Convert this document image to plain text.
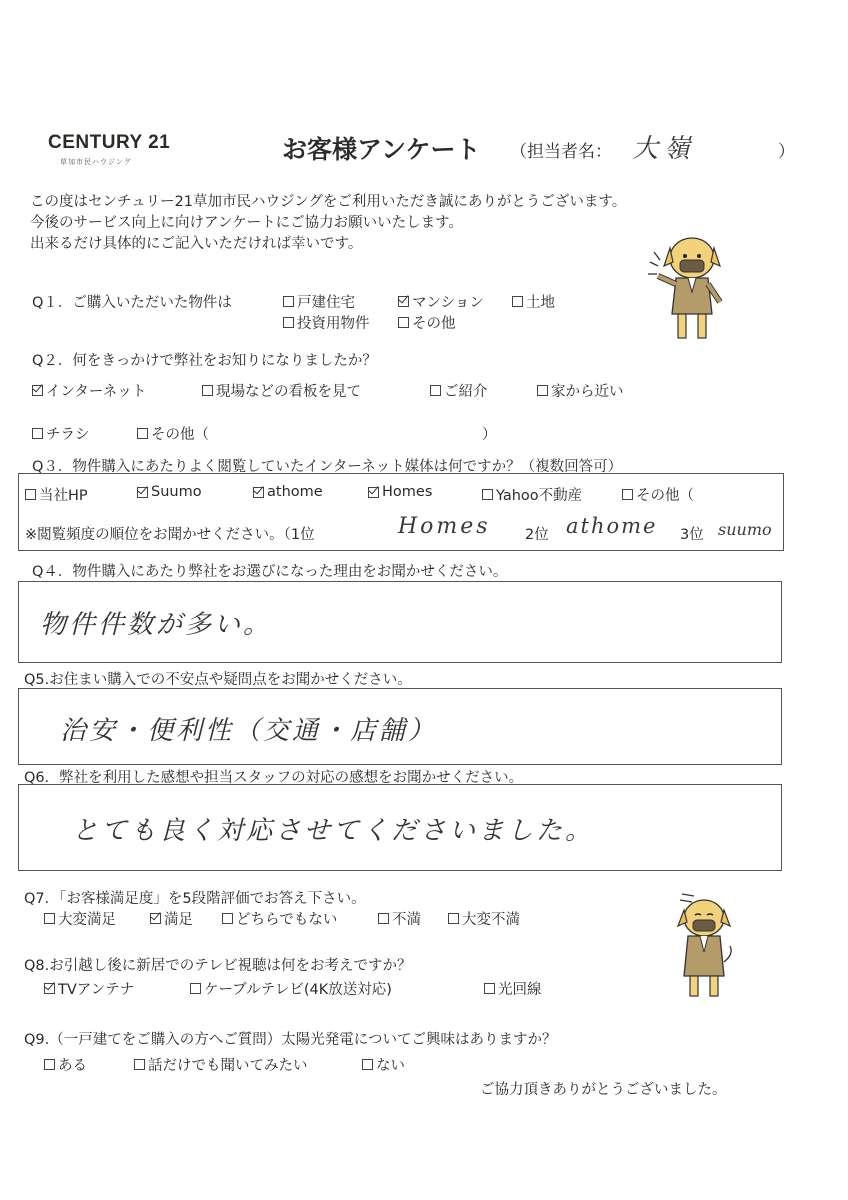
CENTURY 21
草加市民ハウジング	お客様アンケート （担当者名： 大嶺	）
この度はセンチュリー21草加市民ハウジングをご利用いただき誠にありがとうございます。
今後のサービス向上に向けアンケートにご協力お願いいたします。
出来るだけ具体的にご記入いただければ幸いです。
Q１．ご購入いただいた物件は	戸建住宅	マンション	土地
投資用物件	その他
Q２．何をきっかけで弊社をお知りになりましたか？
インターネット	現場などの看板を見て	ご紹介	家から近い
チラシ	その他（	）
Q３．物件購入にあたりよく閲覧していたインターネット媒体は何ですか？（複数回答可）
当社HP	Suumo	athome	Homes	Yahoo不動産	その他（
※閲覧頻度の順位をお聞かせください。（1位	Homes 2位 athome 3位 suumo
Q４．物件購入にあたり弊社をお選びになった理由をお聞かせください。
物件件数が多い。
Q5.お住まい購入での不安点や疑問点をお聞かせください。
治安・便利性（交通・店舗）
Q6．弊社を利用した感想や担当スタッフの対応の感想をお聞かせください。
とても良く対応させてくださいました。
Q7．「お客様満足度」を5段階評価でお答え下さい。
大変満足	満足	どちらでもない	不満	大変不満
Q8.お引越し後に新居でのテレビ視聴は何をお考えですか？
TVアンテナ	ケーブルテレビ(4K放送対応)	光回線
Q9.（一戸建てをご購入の方へご質問）太陽光発電についてご興味はありますか？
ある	話だけでも聞いてみたい	ない
ご協力頂きありがとうございました。
